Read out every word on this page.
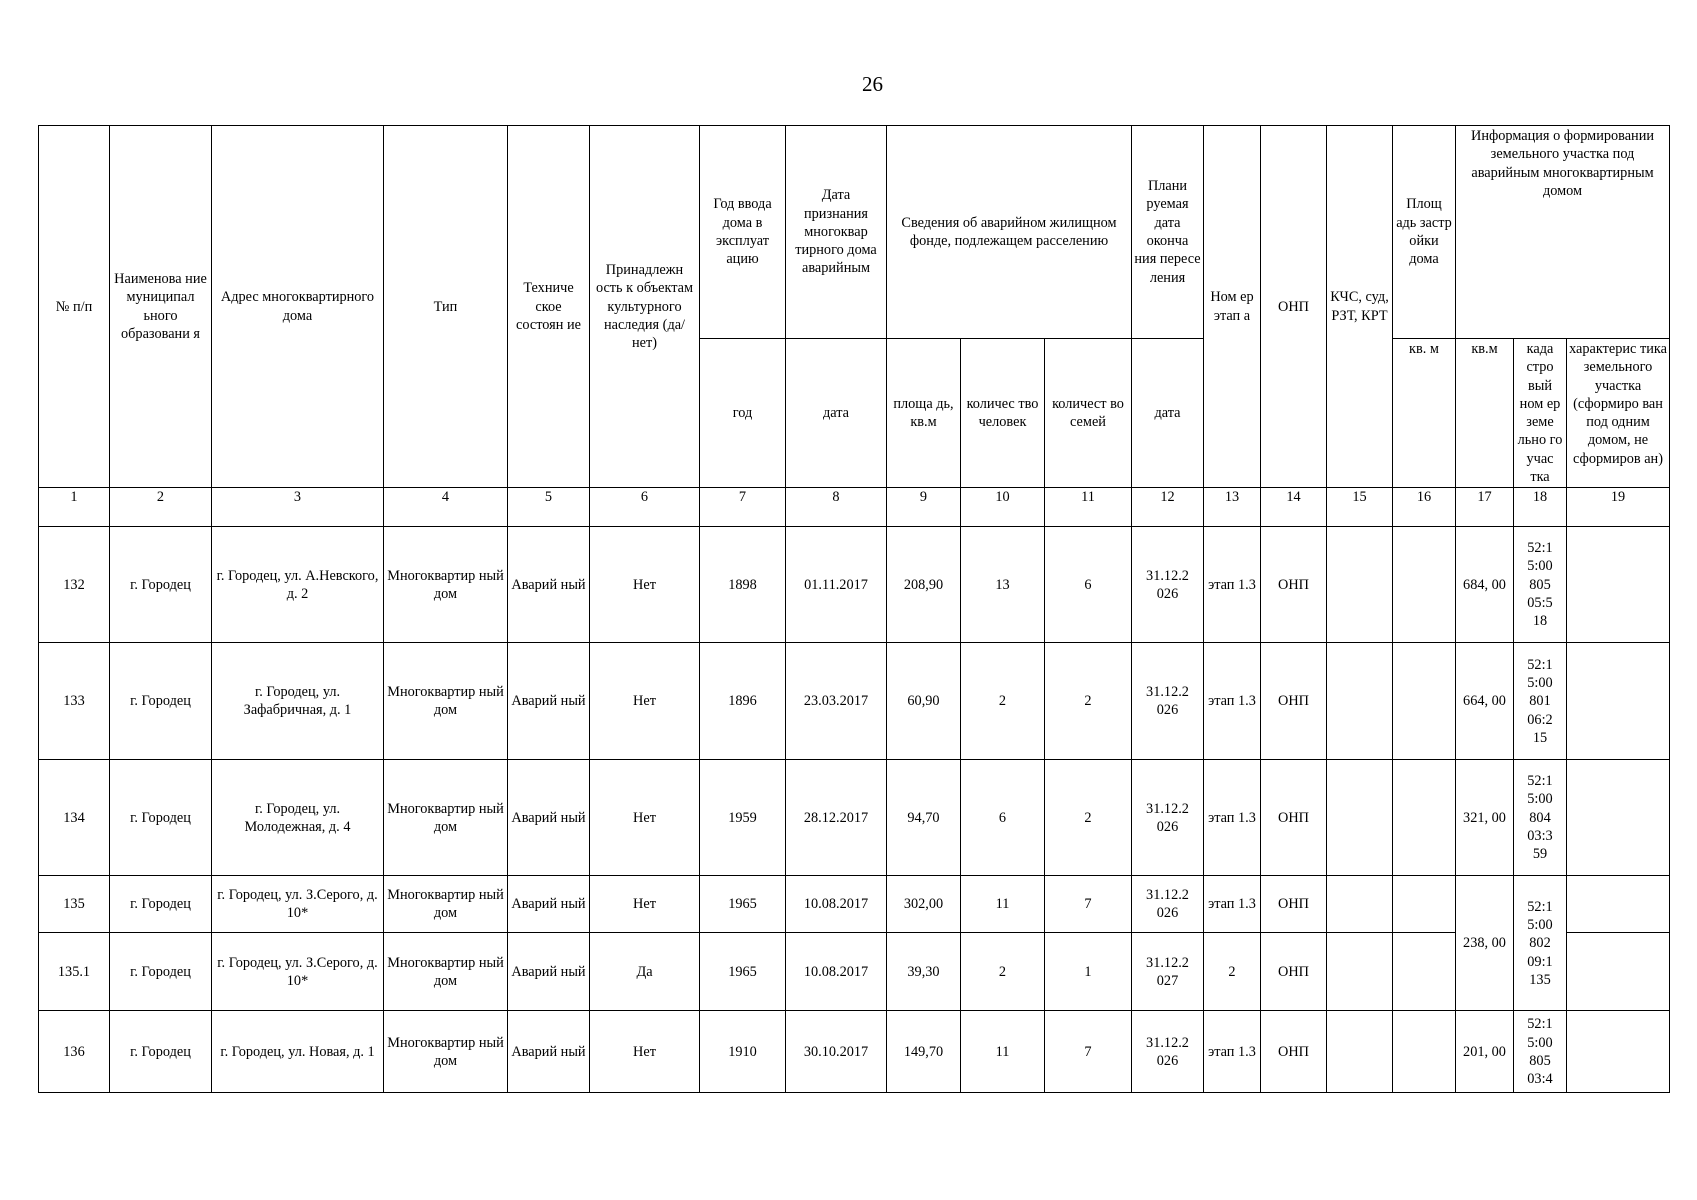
26
№ п/п	Наименова ние муниципал ьного образовани я	Адрес многоквартирного дома	Тип	Техниче ское состоян ие	Принадлежн ость к объектам культурного наследия (да/нет)	Год ввода дома в эксплуат ацию	Дата признания многоквар тирного дома аварийным	Сведения об аварийном жилищном фонде, подлежащем расселению			Плани руемая дата оконча ния пересе ления	Ном ер этап а	ОНП	КЧС, суд, РЗТ, КРТ	Площ адь застр ойки дома	Информация о формировании земельного участка под аварийным многоквартирным домом		
						год	дата	площа дь, кв.м	количес тво человек	количест во семей	дата				кв. м	кв.м	када стро вый ном ер земе льно го учас тка	характерис тика земельного участка (сформиро ван под одним домом, не сформиров ан)
1	2	3	4	5	6	7	8	9	10	11	12	13	14	15	16	17	18	19
132	г. Городец	г. Городец, ул. А.Невского, д. 2	Многоквартир ный дом	Аварий ный	Нет	1898	01.11.2017	208,90	13	6	31.12.2 026	этап 1.3	ОНП			684, 00	52:1
5:00
805
05:5
18	
133	г. Городец	г. Городец, ул. Зафабричная, д. 1	Многоквартир ный дом	Аварий ный	Нет	1896	23.03.2017	60,90	2	2	31.12.2 026	этап 1.3	ОНП			664, 00	52:1
5:00
801
06:2
15	
134	г. Городец	г. Городец, ул. Молодежная, д. 4	Многоквартир ный дом	Аварий ный	Нет	1959	28.12.2017	94,70	6	2	31.12.2 026	этап 1.3	ОНП			321, 00	52:1
5:00
804
03:3
59	
135	г. Городец	г. Городец, ул. З.Серого, д. 10*	Многоквартир ный дом	Аварий ный	Нет	1965	10.08.2017	302,00	11	7	31.12.2 026	этап 1.3	ОНП			238, 00	52:1
5:00
802
09:1
135	
135.1	г. Городец	г. Городец, ул. З.Серого, д. 10*	Многоквартир ный дом	Аварий ный	Да	1965	10.08.2017	39,30	2	1	31.12.2 027	2	ОНП					
136	г. Городец	г. Городец, ул. Новая, д. 1	Многоквартир ный дом	Аварий ный	Нет	1910	30.10.2017	149,70	11	7	31.12.2 026	этап 1.3	ОНП			201, 00	52:1
5:00
805
03:4	
